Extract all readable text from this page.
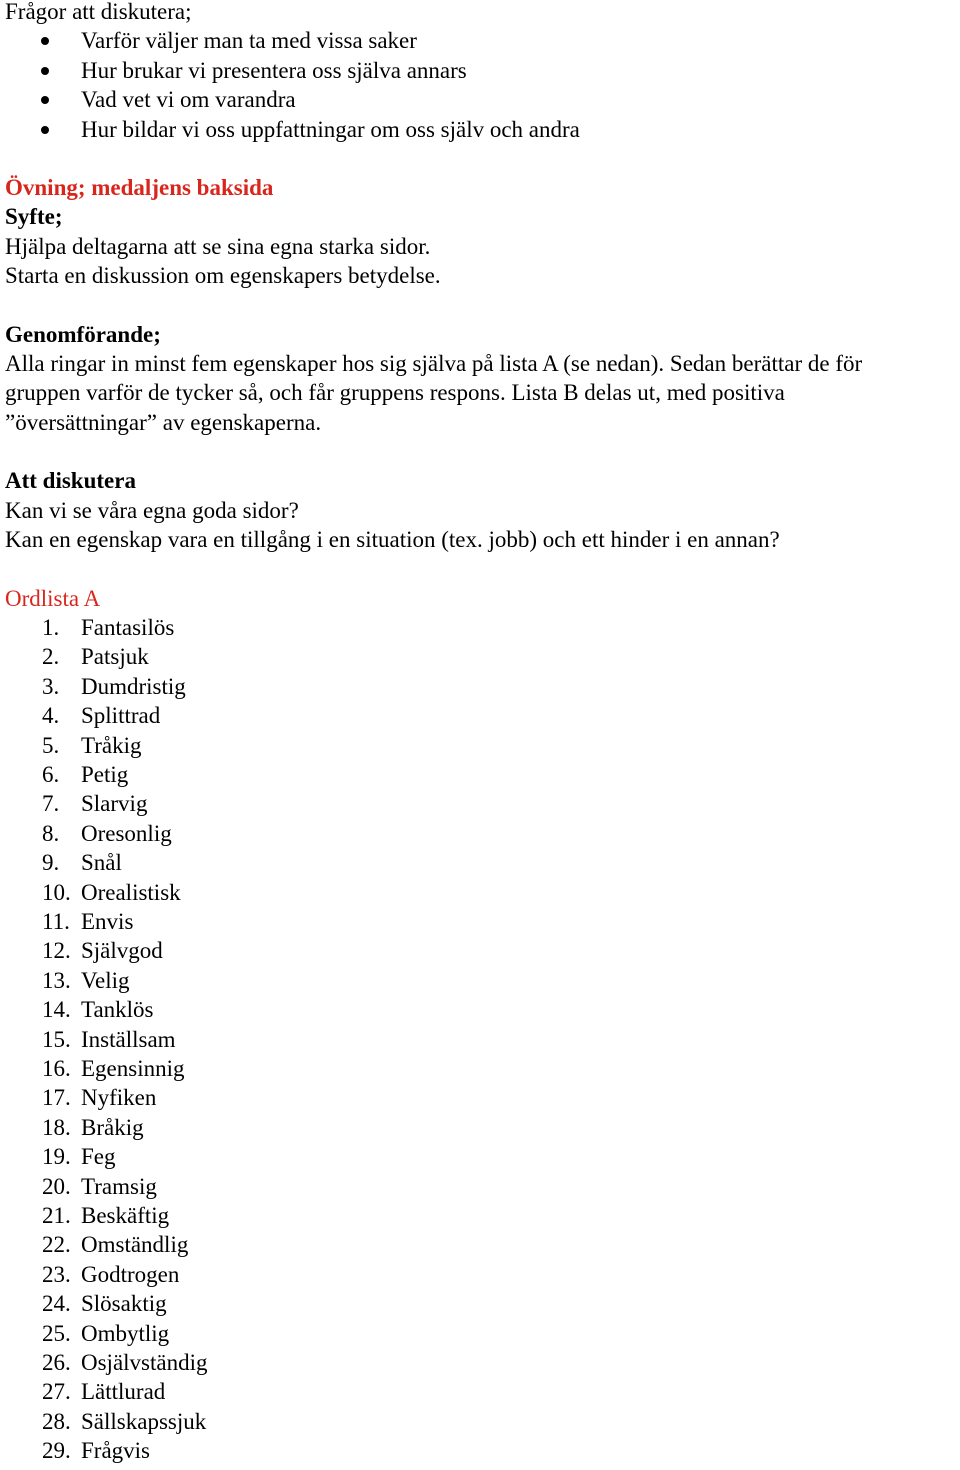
Frågor att diskutera;
Varför väljer man ta med vissa saker
Hur brukar vi presentera oss själva annars
Vad vet vi om varandra
Hur bildar vi oss uppfattningar om oss själv och andra
Övning; medaljens baksida
Syfte;
Hjälpa deltagarna att se sina egna starka sidor.
Starta en diskussion om egenskapers betydelse.
Genomförande;
Alla ringar in minst fem egenskaper hos sig själva på lista A (se nedan). Sedan berättar de för
gruppen varför de tycker så, och får gruppens respons. Lista B delas ut, med positiva
”översättningar” av egenskaperna.
Att diskutera
Kan vi se våra egna goda sidor?
Kan en egenskap vara en tillgång i en situation (tex. jobb) och ett hinder i en annan?
Ordlista A
1. Fantasilös
2. Patsjuk
3. Dumdristig
4. Splittrad
5. Tråkig
6. Petig
7. Slarvig
8. Oresonlig
9. Snål
10. Orealistisk
11. Envis
12. Självgod
13. Velig
14. Tanklös
15. Inställsam
16. Egensinnig
17. Nyfiken
18. Bråkig
19. Feg
20. Tramsig
21. Beskäftig
22. Omständlig
23. Godtrogen
24. Slösaktig
25. Ombytlig
26. Osjälvständig
27. Lättlurad
28. Sällskapssjuk
29. Frågvis
